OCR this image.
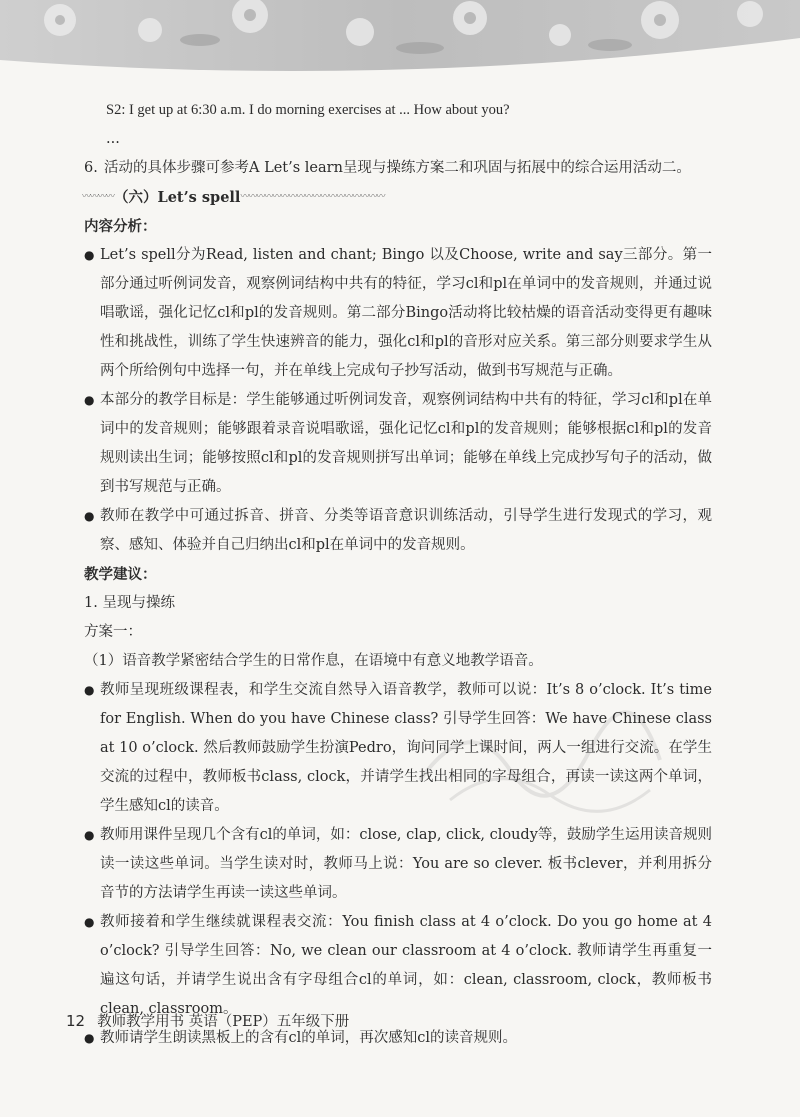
S2: I get up at 6:30 a.m. I do morning exercises at ... How about you?
...
6. 活动的具体步骤可参考A Let’s learn呈现与操练方案二和巩固与拓展中的综合运用活动二。
〰〰〰〰 （六）Let’s spell 〰〰〰〰〰〰〰〰〰〰〰〰〰〰〰〰〰〰
内容分析：
● Let’s spell分为Read, listen and chant; Bingo 以及Choose, write and say三部分。第一部分通过听例词发音，观察例词结构中共有的特征，学习cl和pl在单词中的发音规则，并通过说唱歌谣，强化记忆cl和pl的发音规则。第二部分Bingo活动将比较枯燥的语音活动变得更有趣味性和挑战性，训练了学生快速辨音的能力，强化cl和pl的音形对应关系。第三部分则要求学生从两个所给例句中选择一句，并在单线上完成句子抄写活动，做到书写规范与正确。
● 本部分的教学目标是：学生能够通过听例词发音，观察例词结构中共有的特征，学习cl和pl在单词中的发音规则；能够跟着录音说唱歌谣，强化记忆cl和pl的发音规则；能够根据cl和pl的发音规则读出生词；能够按照cl和pl的发音规则拼写出单词；能够在单线上完成抄写句子的活动，做到书写规范与正确。
● 教师在教学中可通过拆音、拼音、分类等语音意识训练活动，引导学生进行发现式的学习，观察、感知、体验并自己归纳出cl和pl在单词中的发音规则。
教学建议：
1. 呈现与操练
方案一：
（1）语音教学紧密结合学生的日常作息，在语境中有意义地教学语音。
● 教师呈现班级课程表，和学生交流自然导入语音教学，教师可以说：It’s 8 o’clock. It’s time for English. When do you have Chinese class? 引导学生回答：We have Chinese class at 10 o’clock. 然后教师鼓励学生扮演Pedro，询问同学上课时间，两人一组进行交流。在学生交流的过程中，教师板书class, clock，并请学生找出相同的字母组合，再读一读这两个单词，学生感知cl的读音。
● 教师用课件呈现几个含有cl的单词，如：close, clap, click, cloudy等，鼓励学生运用读音规则读一读这些单词。当学生读对时，教师马上说：You are so clever. 板书clever，并利用拆分音节的方法请学生再读一读这些单词。
● 教师接着和学生继续就课程表交流：You finish class at 4 o’clock. Do you go home at 4 o’clock? 引导学生回答：No, we clean our classroom at 4 o’clock. 教师请学生再重复一遍这句话，并请学生说出含有字母组合cl的单词，如：clean, classroom, clock，教师板书clean, classroom。
● 教师请学生朗读黑板上的含有cl的单词，再次感知cl的读音规则。
12 教师教学用书 英语（PEP）五年级下册
